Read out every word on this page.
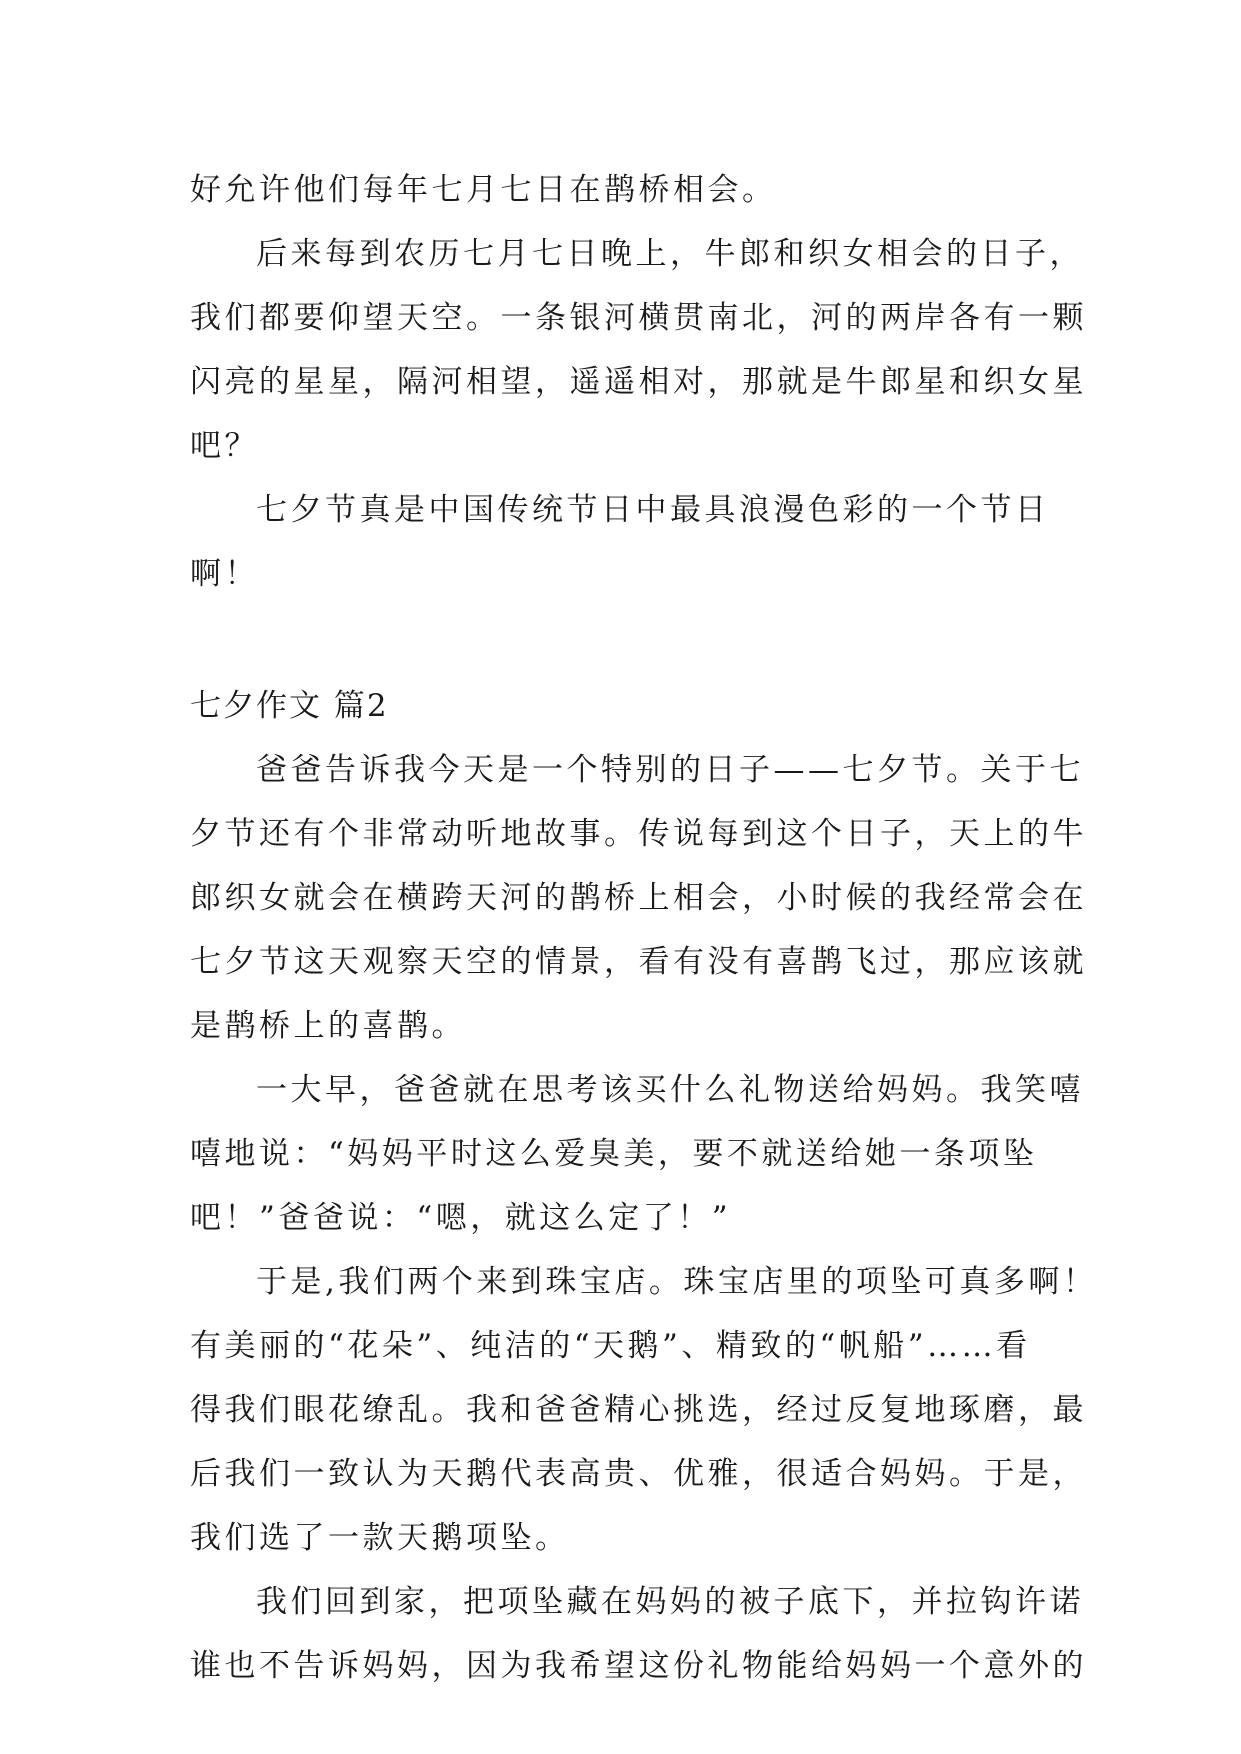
好允许他们每年七月七日在鹊桥相会。
后来每到农历七月七日晚上，牛郎和织女相会的日子，
我们都要仰望天空。一条银河横贯南北，河的两岸各有一颗
闪亮的星星，隔河相望，遥遥相对，那就是牛郎星和织女星
吧？
七夕节真是中国传统节日中最具浪漫色彩的一个节日
啊！
七夕作文 篇2
爸爸告诉我今天是一个特别的日子——七夕节。关于七
夕节还有个非常动听地故事。传说每到这个日子，天上的牛
郎织女就会在横跨天河的鹊桥上相会，小时候的我经常会在
七夕节这天观察天空的情景，看有没有喜鹊飞过，那应该就
是鹊桥上的喜鹊。
一大早，爸爸就在思考该买什么礼物送给妈妈。我笑嘻
嘻地说：“妈妈平时这么爱臭美，要不就送给她一条项坠
吧！”爸爸说：“嗯，就这么定了！”
于是,我们两个来到珠宝店。珠宝店里的项坠可真多啊！
有美丽的“花朵”、纯洁的“天鹅”、精致的“帆船”……看
得我们眼花缭乱。我和爸爸精心挑选，经过反复地琢磨，最
后我们一致认为天鹅代表高贵、优雅，很适合妈妈。于是，
我们选了一款天鹅项坠。
我们回到家，把项坠藏在妈妈的被子底下，并拉钩许诺
谁也不告诉妈妈，因为我希望这份礼物能给妈妈一个意外的
